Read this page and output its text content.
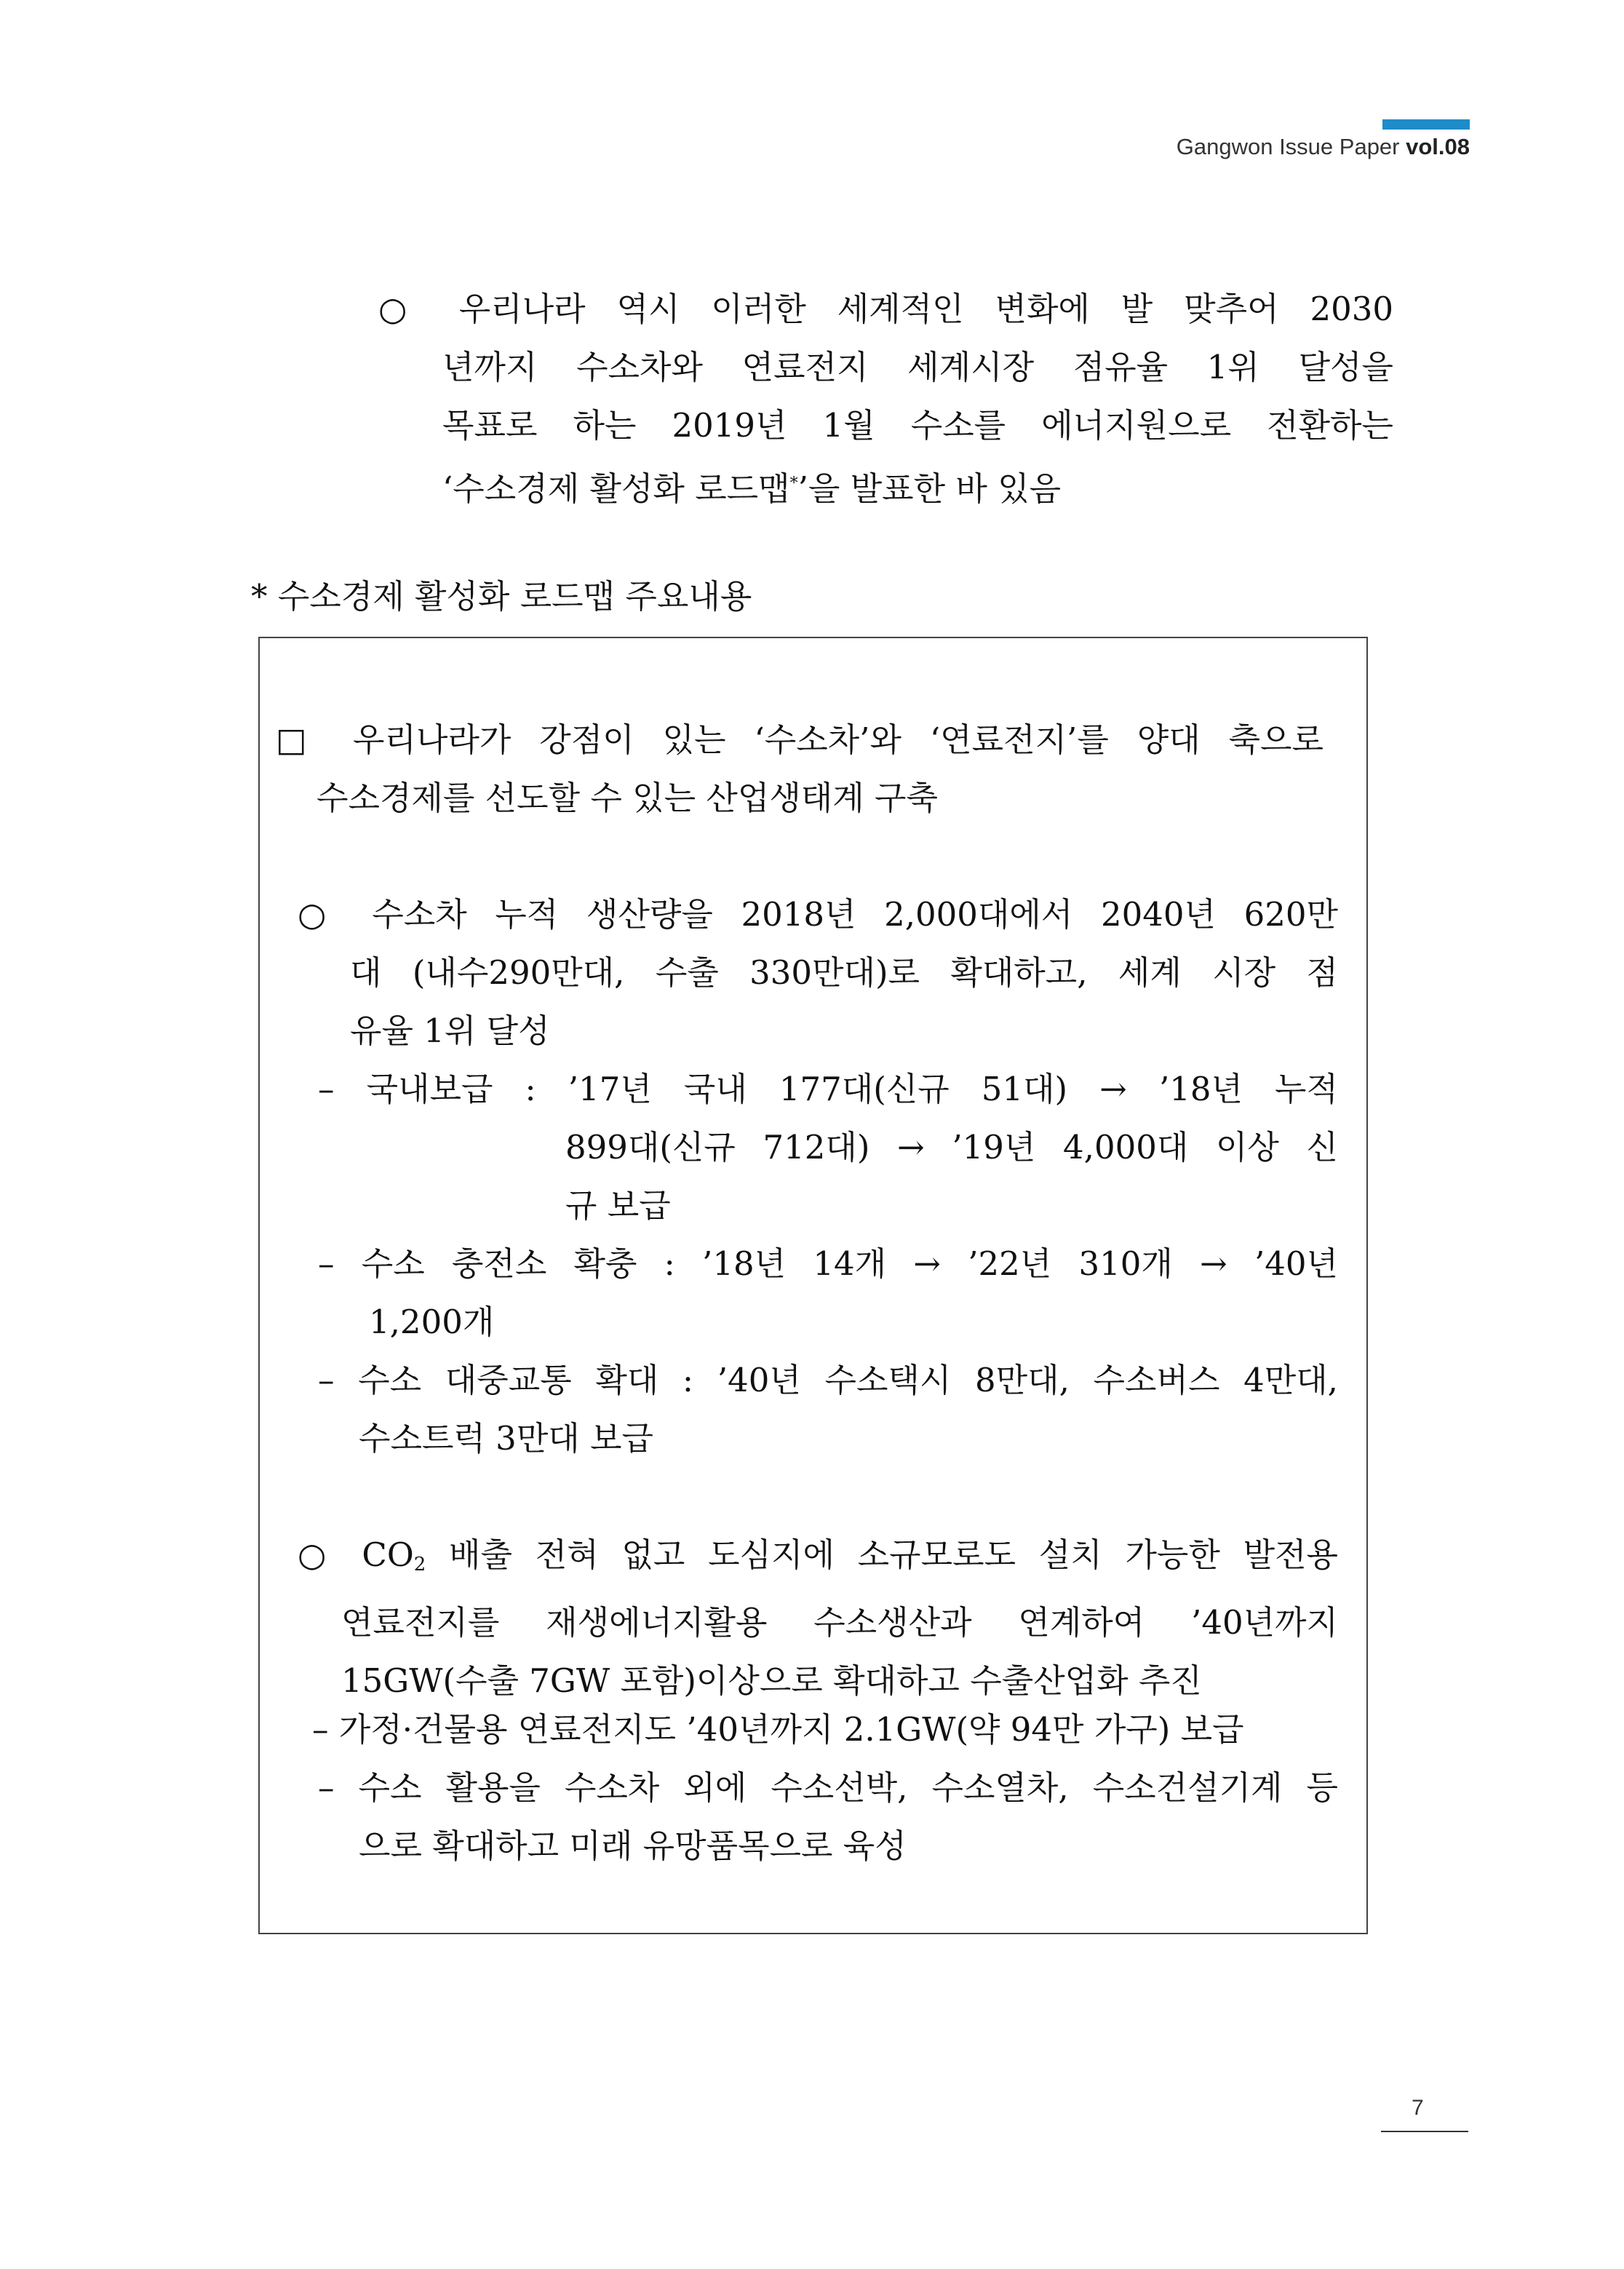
Gangwon Issue Paper vol.08
○ 우리나라 역시 이러한 세계적인 변화에 발 맞추어 2030
년까지 수소차와 연료전지 세계시장 점유율 1위 달성을
목표로 하는 2019년 1월 수소를 에너지원으로 전환하는
‘수소경제 활성화 로드맵*’을 발표한 바 있음
* 수소경제 활성화 로드맵 주요내용
□ 우리나라가 강점이 있는 ‘수소차’와 ‘연료전지’를 양대 축으로
수소경제를 선도할 수 있는 산업생태계 구축
○ 수소차 누적 생산량을 2018년 2,000대에서 2040년 620만
대 (내수290만대, 수출 330만대)로 확대하고, 세계 시장 점
유율 1위 달성
– 국내보급 : ’17년 국내 177대(신규 51대) → ’18년 누적
899대(신규 712대) → ’19년 4,000대 이상 신
규 보급
– 수소 충전소 확충 : ’18년 14개 → ’22년 310개 → ’40년
1,200개
– 수소 대중교통 확대 : ’40년 수소택시 8만대, 수소버스 4만대,
수소트럭 3만대 보급
○ $CO_2$ 배출 전혀 없고 도심지에 소규모로도 설치 가능한 발전용
연료전지를 재생에너지활용 수소생산과 연계하여 ’40년까지
15GW(수출 7GW 포함)이상으로 확대하고 수출산업화 추진
– 가정·건물용 연료전지도 ’40년까지 2.1GW(약 94만 가구) 보급
– 수소 활용을 수소차 외에 수소선박, 수소열차, 수소건설기계 등
으로 확대하고 미래 유망품목으로 육성
7
